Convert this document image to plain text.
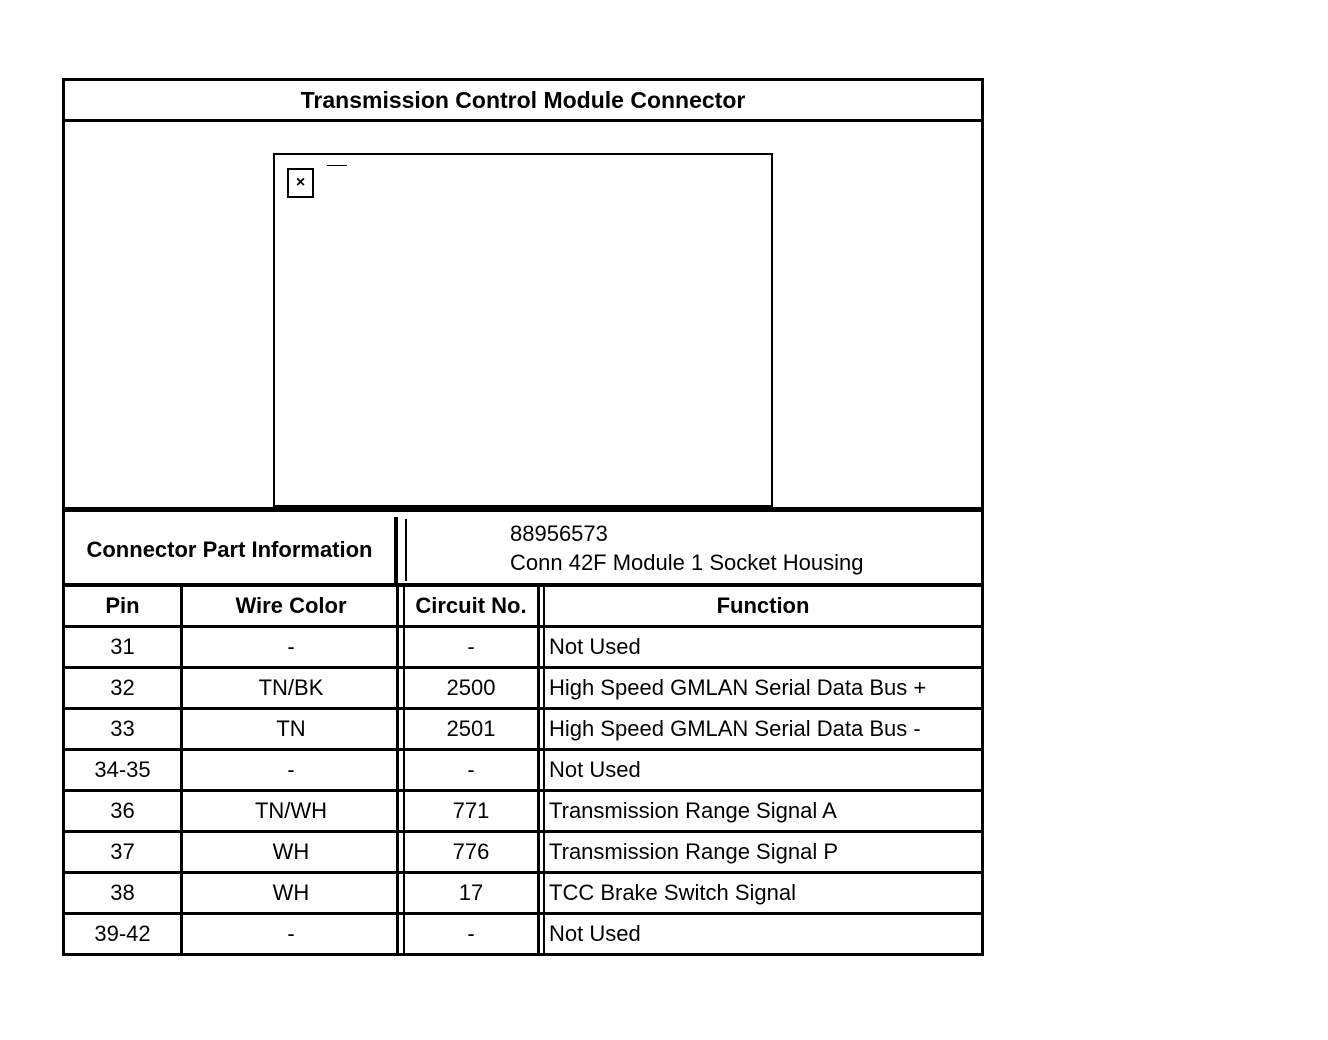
Transmission Control Module Connector
×
Connector Part Information
88956573
Conn 42F Module 1 Socket Housing
Pin	Wire Color	Circuit No.	Function
31	-	-	Not Used
32	TN/BK	2500	High Speed GMLAN Serial Data Bus +
33	TN	2501	High Speed GMLAN Serial Data Bus -
34-35	-	-	Not Used
36	TN/WH	771	Transmission Range Signal A
37	WH	776	Transmission Range Signal P
38	WH	17	TCC Brake Switch Signal
39-42	-	-	Not Used
